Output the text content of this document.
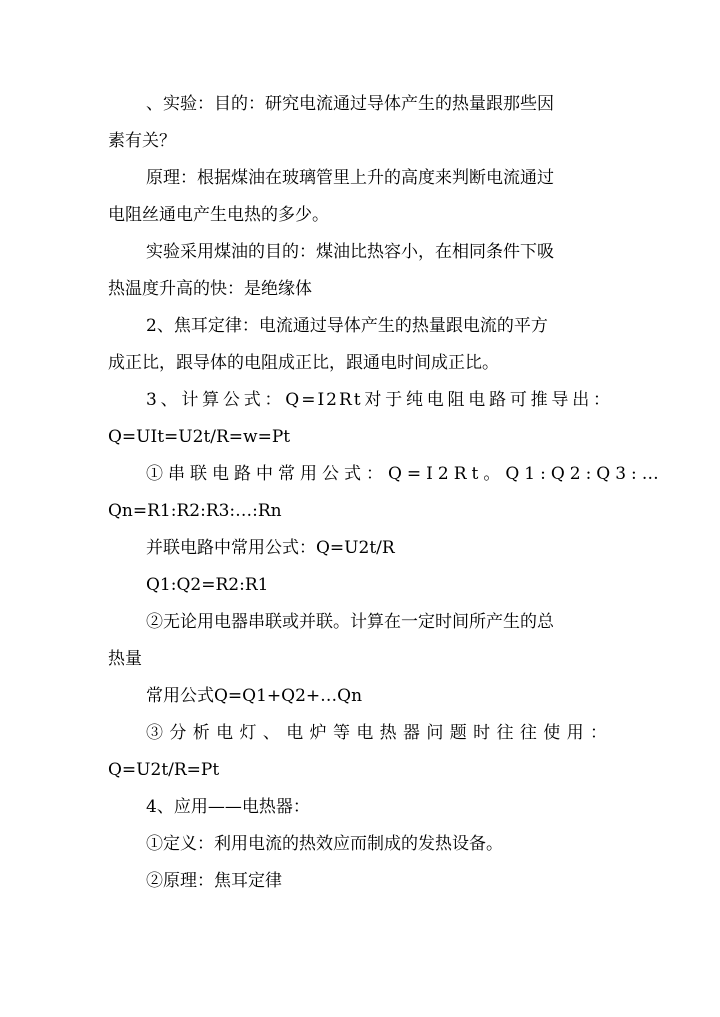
、实验：目的：研究电流通过导体产生的热量跟那些因
素有关？
原理：根据煤油在玻璃管里上升的高度来判断电流通过
电阻丝通电产生电热的多少。
实验采用煤油的目的：煤油比热容小，在相同条件下吸
热温度升高的快：是绝缘体
2、焦耳定律：电流通过导体产生的热量跟电流的平方
成正比，跟导体的电阻成正比，跟通电时间成正比。
3、计算公式：Q=I2Rt对于纯电阻电路可推导出：
Q=UIt=U2t/R=w=Pt
①串联电路中常用公式：Q=I2Rt。Q1:Q2:Q3:…
Qn=R1:R2:R3:…:Rn
并联电路中常用公式：Q=U2t/R
Q1:Q2=R2:R1
②无论用电器串联或并联。计算在一定时间所产生的总
热量
常用公式Q=Q1+Q2+…Qn
③分析电灯、电炉等电热器问题时往往使用：
Q=U2t/R=Pt
4、应用——电热器：
①定义：利用电流的热效应而制成的发热设备。
②原理：焦耳定律
